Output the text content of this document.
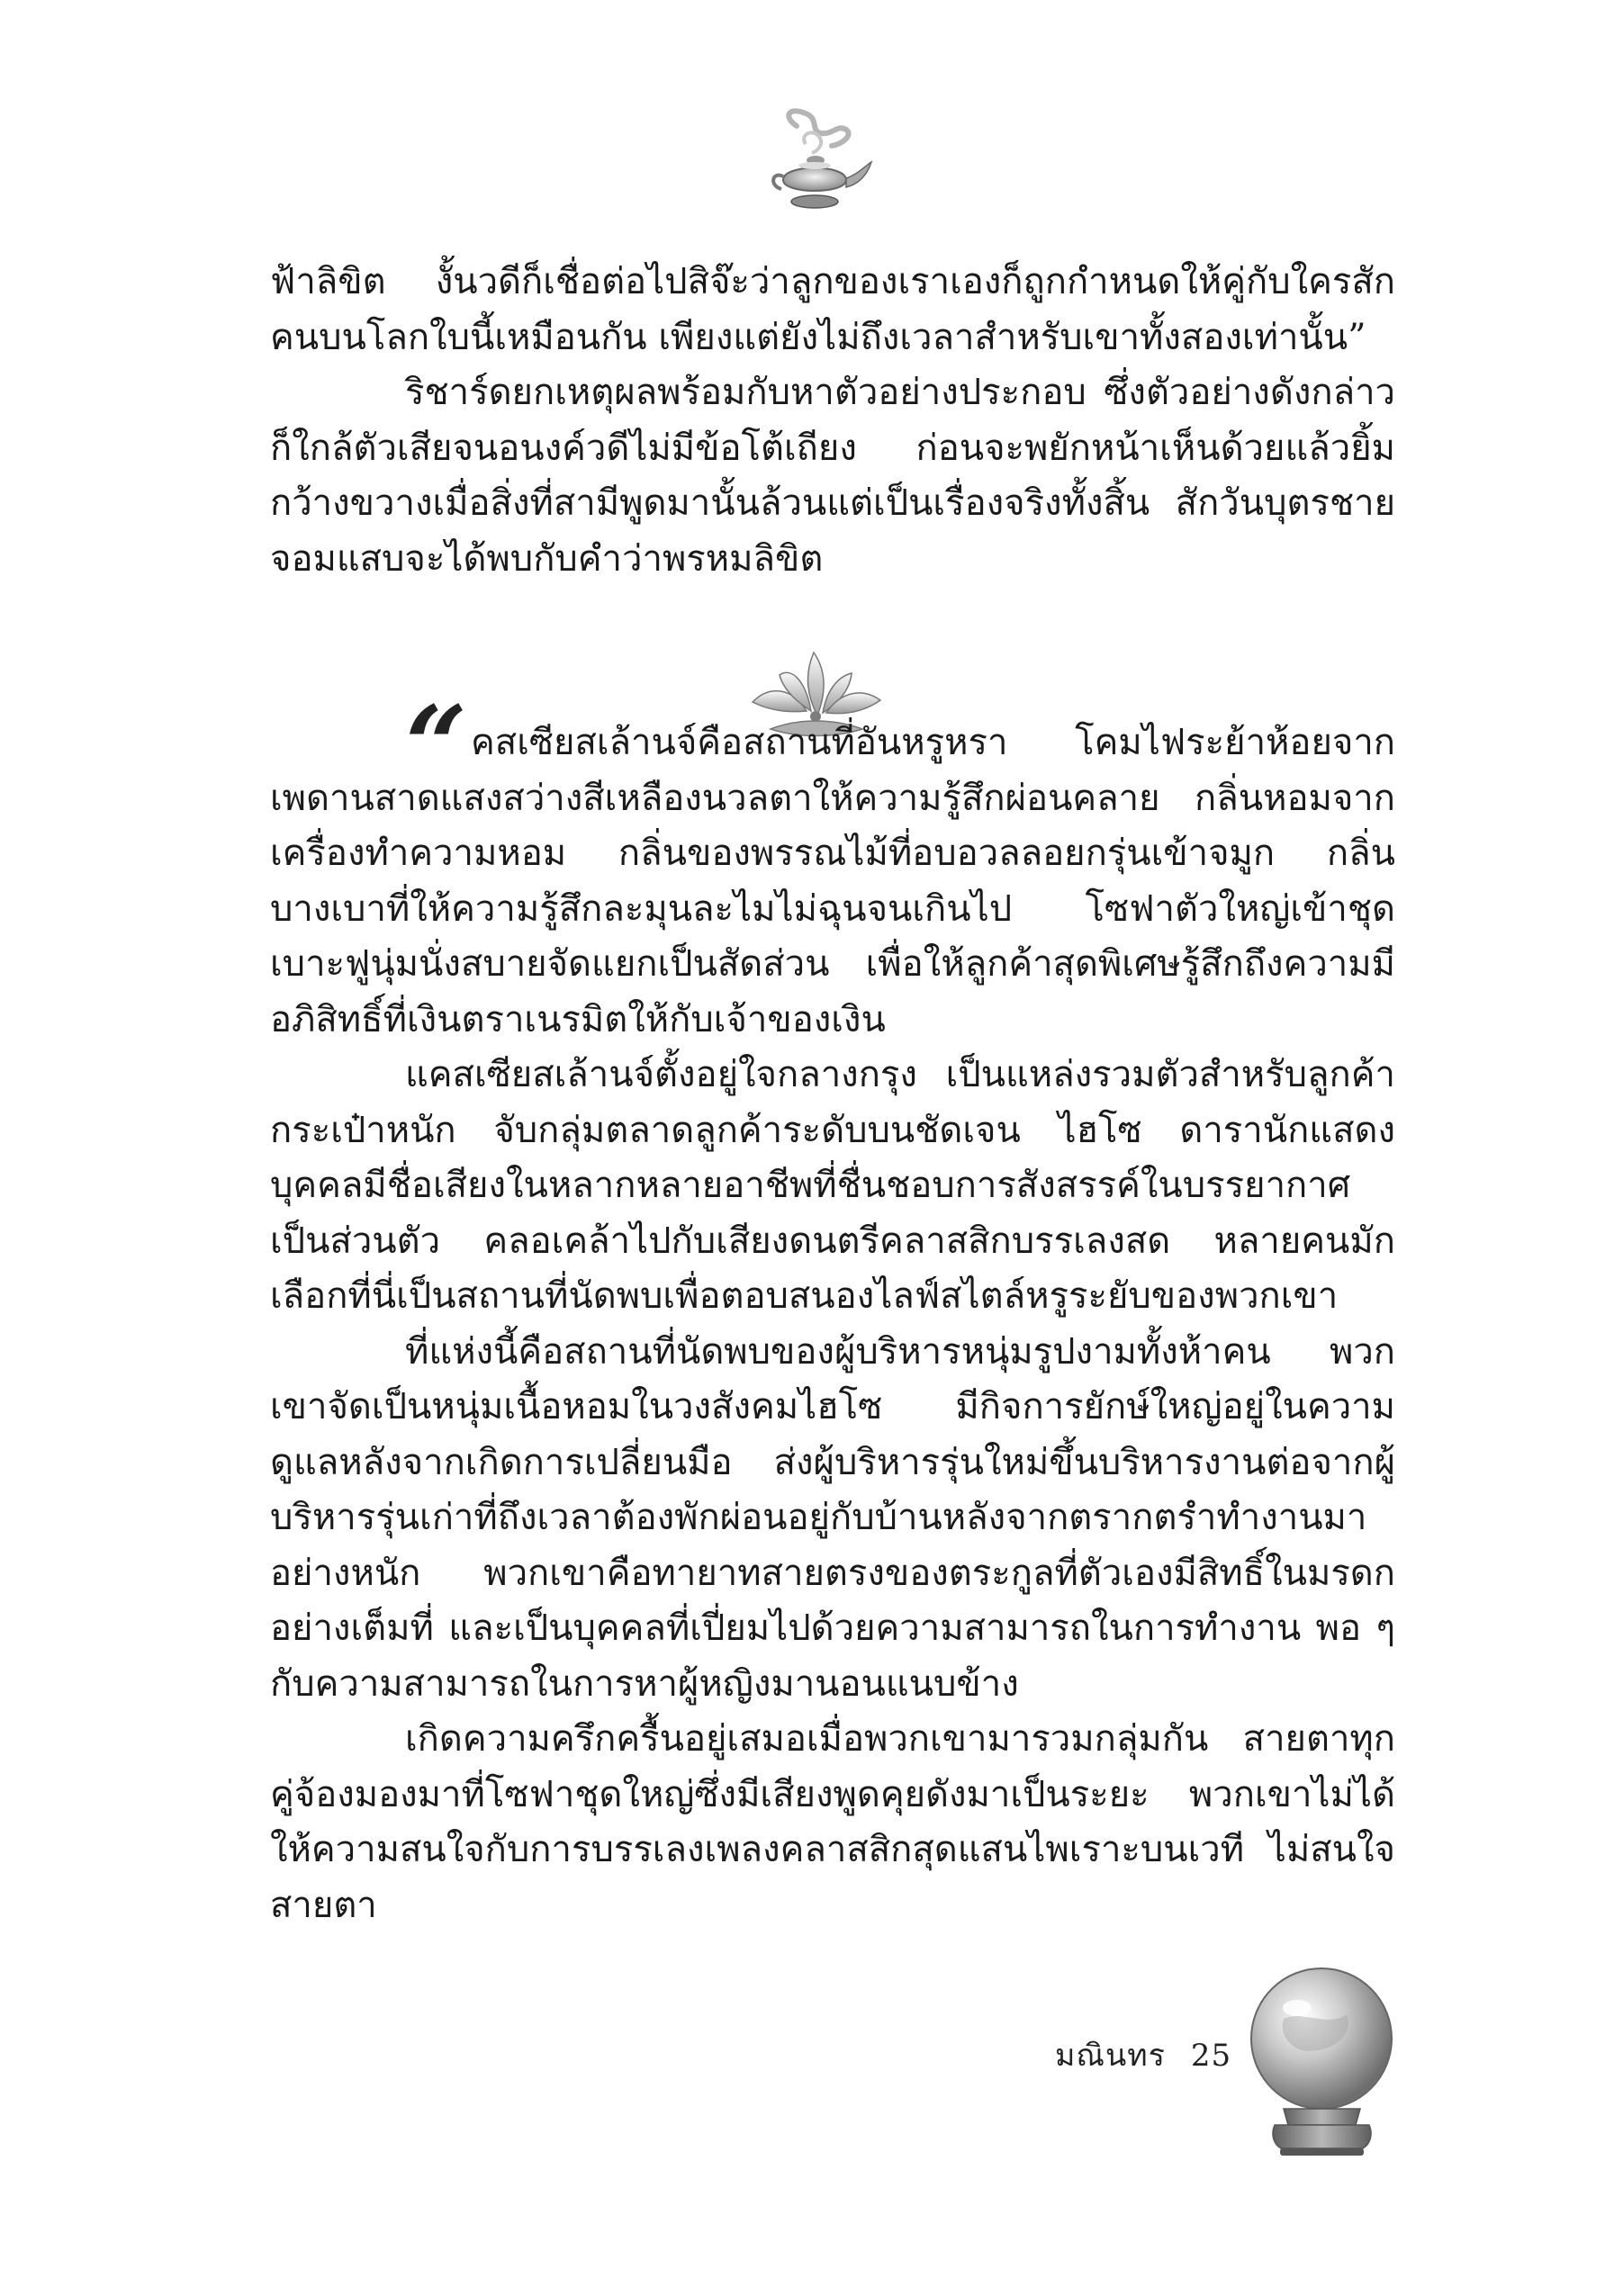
ฟ้าลิขิต งั้นวดีก็เชื่อต่อไปสิจ๊ะว่าลูกของเราเองก็ถูกกำหนดให้คู่กับใครสักคนบนโลกใบนี้เหมือนกัน เพียงแต่ยังไม่ถึงเวลาสำหรับเขาทั้งสองเท่านั้น”

ริชาร์ดยกเหตุผลพร้อมกับหาตัวอย่างประกอบ ซึ่งตัวอย่างดังกล่าวก็ใกล้ตัวเสียจนอนงค์วดีไม่มีข้อโต้เถียง ก่อนจะพยักหน้าเห็นด้วยแล้วยิ้มกว้างขวางเมื่อสิ่งที่สามีพูดมานั้นล้วนแต่เป็นเรื่องจริงทั้งสิ้น สักวันบุตรชายจอมแสบจะได้พบกับคำว่าพรหมลิขิต

“ คสเซียสเล้านจ์คือสถานที่อันหรูหรา โคมไฟระย้าห้อยจากเพดานสาดแสงสว่างสีเหลืองนวลตาให้ความรู้สึกผ่อนคลาย กลิ่นหอมจากเครื่องทำความหอม กลิ่นของพรรณไม้ที่อบอวลลอยกรุ่นเข้าจมูก กลิ่นบางเบาที่ให้ความรู้สึกละมุนละไมไม่ฉุนจนเกินไป โซฟาตัวใหญ่เข้าชุด เบาะฟูนุ่มนั่งสบายจัดแยกเป็นสัดส่วน เพื่อให้ลูกค้าสุดพิเศษรู้สึกถึงความมีอภิสิทธิ์ที่เงินตราเนรมิตให้กับเจ้าของเงิน

แคสเซียสเล้านจ์ตั้งอยู่ใจกลางกรุง เป็นแหล่งรวมตัวสำหรับลูกค้ากระเป๋าหนัก จับกลุ่มตลาดลูกค้าระดับบนชัดเจน ไฮโซ ดารานักแสดง บุคคลมีชื่อเสียงในหลากหลายอาชีพที่ชื่นชอบการสังสรรค์ในบรรยากาศเป็นส่วนตัว คลอเคล้าไปกับเสียงดนตรีคลาสสิกบรรเลงสด หลายคนมักเลือกที่นี่เป็นสถานที่นัดพบเพื่อตอบสนองไลฟ์สไตล์หรูระยับของพวกเขา

ที่แห่งนี้คือสถานที่นัดพบของผู้บริหารหนุ่มรูปงามทั้งห้าคน พวกเขาจัดเป็นหนุ่มเนื้อหอมในวงสังคมไฮโซ มีกิจการยักษ์ใหญ่อยู่ในความดูแลหลังจากเกิดการเปลี่ยนมือ ส่งผู้บริหารรุ่นใหม่ขึ้นบริหารงานต่อจากผู้บริหารรุ่นเก่าที่ถึงเวลาต้องพักผ่อนอยู่กับบ้านหลังจากตรากตรำทำงานมาอย่างหนัก พวกเขาคือทายาทสายตรงของตระกูลที่ตัวเองมีสิทธิ์ในมรดกอย่างเต็มที่ และเป็นบุคคลที่เปี่ยมไปด้วยความสามารถในการทำงาน พอ ๆ กับความสามารถในการหาผู้หญิงมานอนแนบข้าง

เกิดความครึกครื้นอยู่เสมอเมื่อพวกเขามารวมกลุ่มกัน สายตาทุกคู่จ้องมองมาที่โซฟาชุดใหญ่ซึ่งมีเสียงพูดคุยดังมาเป็นระยะ พวกเขาไม่ได้ให้ความสนใจกับการบรรเลงเพลงคลาสสิกสุดแสนไพเราะบนเวที ไม่สนใจสายตา

มณินทร 25
